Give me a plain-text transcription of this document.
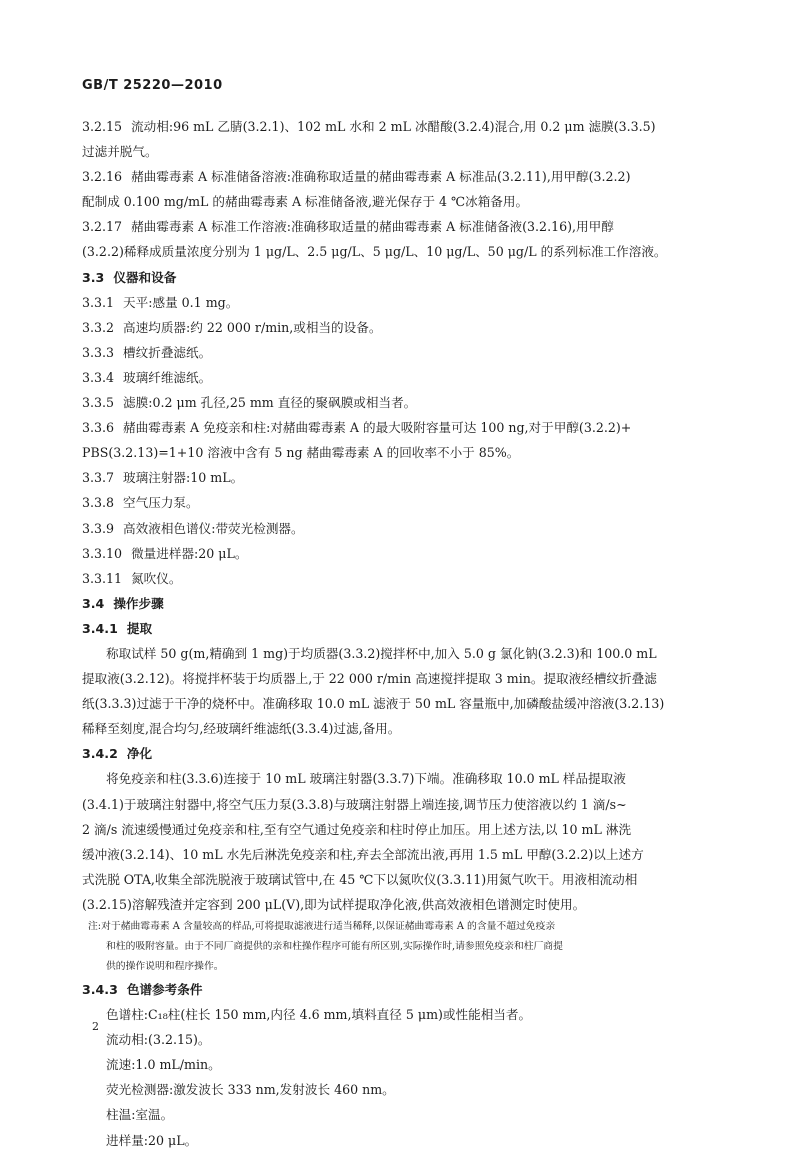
GB/T 25220—2010
3.2.15 流动相:96 mL 乙腈(3.2.1)、102 mL 水和 2 mL 冰醋酸(3.2.4)混合,用 0.2 μm 滤膜(3.3.5)
过滤并脱气。
3.2.16 赭曲霉毒素 A 标准储备溶液:准确称取适量的赭曲霉毒素 A 标准品(3.2.11),用甲醇(3.2.2)
配制成 0.100 mg/mL 的赭曲霉毒素 A 标准储备液,避光保存于 4 ℃冰箱备用。
3.2.17 赭曲霉毒素 A 标准工作溶液:准确移取适量的赭曲霉毒素 A 标准储备液(3.2.16),用甲醇
(3.2.2)稀释成质量浓度分别为 1 μg/L、2.5 μg/L、5 μg/L、10 μg/L、50 μg/L 的系列标准工作溶液。
3.3 仪器和设备
3.3.1 天平:感量 0.1 mg。
3.3.2 高速均质器:约 22 000 r/min,或相当的设备。
3.3.3 槽纹折叠滤纸。
3.3.4 玻璃纤维滤纸。
3.3.5 滤膜:0.2 μm 孔径,25 mm 直径的聚砜膜或相当者。
3.3.6 赭曲霉毒素 A 免疫亲和柱:对赭曲霉毒素 A 的最大吸附容量可达 100 ng,对于甲醇(3.2.2)+
PBS(3.2.13)=1+10 溶液中含有 5 ng 赭曲霉毒素 A 的回收率不小于 85%。
3.3.7 玻璃注射器:10 mL。
3.3.8 空气压力泵。
3.3.9 高效液相色谱仪:带荧光检测器。
3.3.10 微量进样器:20 μL。
3.3.11 氮吹仪。
3.4 操作步骤
3.4.1 提取
称取试样 50 g(m,精确到 1 mg)于均质器(3.3.2)搅拌杯中,加入 5.0 g 氯化钠(3.2.3)和 100.0 mL
提取液(3.2.12)。将搅拌杯装于均质器上,于 22 000 r/min 高速搅拌提取 3 min。提取液经槽纹折叠滤
纸(3.3.3)过滤于干净的烧杯中。准确移取 10.0 mL 滤液于 50 mL 容量瓶中,加磷酸盐缓冲溶液(3.2.13)
稀释至刻度,混合均匀,经玻璃纤维滤纸(3.3.4)过滤,备用。
3.4.2 净化
将免疫亲和柱(3.3.6)连接于 10 mL 玻璃注射器(3.3.7)下端。准确移取 10.0 mL 样品提取液
(3.4.1)于玻璃注射器中,将空气压力泵(3.3.8)与玻璃注射器上端连接,调节压力使溶液以约 1 滴/s~
2 滴/s 流速缓慢通过免疫亲和柱,至有空气通过免疫亲和柱时停止加压。用上述方法,以 10 mL 淋洗
缓冲液(3.2.14)、10 mL 水先后淋洗免疫亲和柱,弃去全部流出液,再用 1.5 mL 甲醇(3.2.2)以上述方
式洗脱 OTA,收集全部洗脱液于玻璃试管中,在 45 ℃下以氮吹仪(3.3.11)用氮气吹干。用液相流动相
(3.2.15)溶解残渣并定容到 200 μL(V),即为试样提取净化液,供高效液相色谱测定时使用。
注:对于赭曲霉毒素 A 含量较高的样品,可将提取滤液进行适当稀释,以保证赭曲霉毒素 A 的含量不超过免疫亲
和柱的吸附容量。由于不同厂商提供的亲和柱操作程序可能有所区别,实际操作时,请参照免疫亲和柱厂商提
供的操作说明和程序操作。
3.4.3 色谱参考条件
色谱柱:C₁₈柱(柱长 150 mm,内径 4.6 mm,填料直径 5 μm)或性能相当者。
流动相:(3.2.15)。
流速:1.0 mL/min。
荧光检测器:激发波长 333 nm,发射波长 460 nm。
柱温:室温。
进样量:20 μL。
2
